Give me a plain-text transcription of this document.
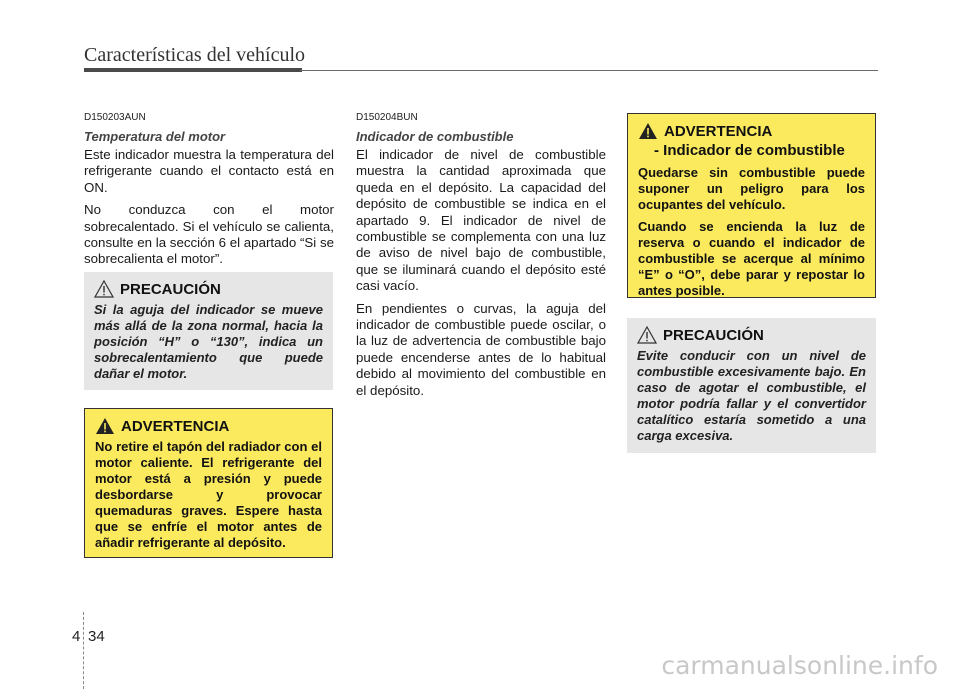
Características del vehículo

D150203AUN

Temperatura del motor

Este indicador muestra la temperatura del refrigerante cuando el contacto está en ON.

No conduzca con el motor sobrecalentado. Si el vehículo se calienta, consulte en la sección 6 el apartado “Si se sobrecalienta el motor”.

PRECAUCIÓN

Si la aguja del indicador se mueve más allá de la zona normal, hacia la posición “H” o “130”, indica un sobrecalentamiento que puede dañar el motor.

ADVERTENCIA

No retire el tapón del radiador con el motor caliente. El refrigerante del motor está a presión y puede desbordarse y provocar quemaduras graves. Espere hasta que se enfríe el motor antes de añadir refrigerante al depósito.

D150204BUN

Indicador de combustible

El indicador de nivel de combustible muestra la cantidad aproximada que queda en el depósito. La capacidad del depósito de combustible se indica en el apartado 9. El indicador de nivel de combustible se complementa con una luz de aviso de nivel bajo de combustible, que se iluminará cuando el depósito esté casi vacío.

En pendientes o curvas, la aguja del indicador de combustible puede oscilar, o la luz de advertencia de combustible bajo puede encenderse antes de lo habitual debido al movimiento del combustible en el depósito.

ADVERTENCIA

- Indicador de combustible

Quedarse sin combustible puede suponer un peligro para los ocupantes del vehículo.

Cuando se encienda la luz de reserva o cuando el indicador de combustible se acerque al mínimo “E” o “O”, debe parar y repostar lo antes posible.

PRECAUCIÓN

Evite conducir con un nivel de combustible excesivamente bajo. En caso de agotar el combustible, el motor podría fallar y el convertidor catalítico estaría sometido a una carga excesiva.

4 34
carmanualsonline.info
